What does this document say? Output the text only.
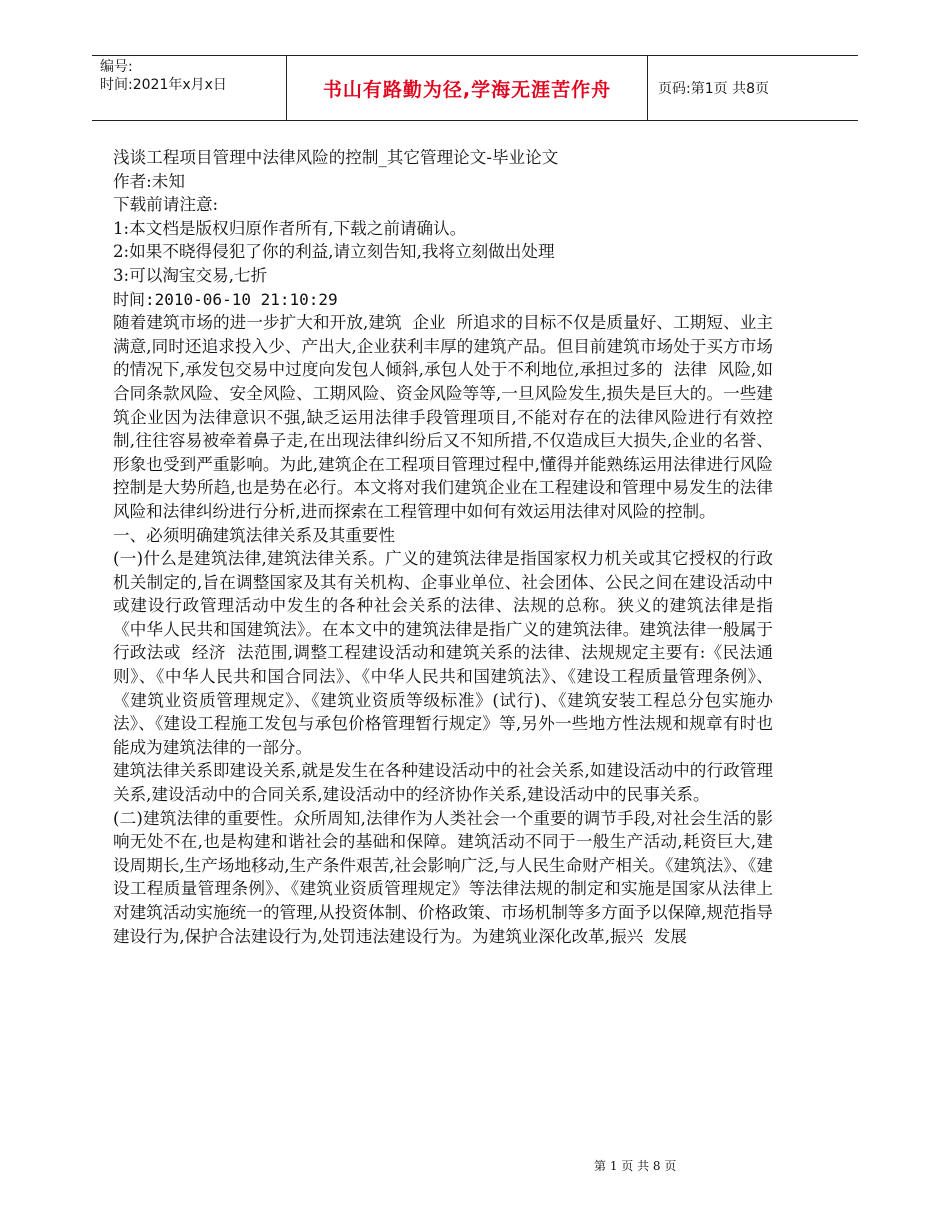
编号:
时间:2021年x月x日	书山有路勤为径,学海无涯苦作舟	页码:第1页 共8页

浅谈工程项目管理中法律风险的控制_其它管理论文-毕业论文

作者:未知

下载前请注意:

1:本文档是版权归原作者所有,下载之前请确认。

2:如果不晓得侵犯了你的利益,请立刻告知,我将立刻做出处理

3:可以淘宝交易,七折

时间:2010-06-10 21:10:29

随着建筑市场的进一步扩大和开放,建筑  企业  所追求的目标不仅是质量好、工期短、业主满意,同时还追求投入少、产出大,企业获利丰厚的建筑产品。但目前建筑市场处于买方市场的情况下,承发包交易中过度向发包人倾斜,承包人处于不利地位,承担过多的  法律  风险,如合同条款风险、安全风险、工期风险、资金风险等等,一旦风险发生,损失是巨大的。一些建筑企业因为法律意识不强,缺乏运用法律手段管理项目,不能对存在的法律风险进行有效控制,往往容易被牵着鼻子走,在出现法律纠纷后又不知所措,不仅造成巨大损失,企业的名誉、形象也受到严重影响。为此,建筑企在工程项目管理过程中,懂得并能熟练运用法律进行风险控制是大势所趋,也是势在必行。本文将对我们建筑企业在工程建设和管理中易发生的法律风险和法律纠纷进行分析,进而探索在工程管理中如何有效运用法律对风险的控制。

一、必须明确建筑法律关系及其重要性

(一)什么是建筑法律,建筑法律关系。广义的建筑法律是指国家权力机关或其它授权的行政机关制定的,旨在调整国家及其有关机构、企事业单位、社会团体、公民之间在建设活动中或建设行政管理活动中发生的各种社会关系的法律、法规的总称。狭义的建筑法律是指《中华人民共和国建筑法》。在本文中的建筑法律是指广义的建筑法律。建筑法律一般属于行政法或  经济  法范围,调整工程建设活动和建筑关系的法律、法规规定主要有:《民法通则》、《中华人民共和国合同法》、《中华人民共和国建筑法》、《建设工程质量管理条例》、《建筑业资质管理规定》、《建筑业资质等级标准》(试行)、《建筑安装工程总分包实施办法》、《建设工程施工发包与承包价格管理暂行规定》等,另外一些地方性法规和规章有时也能成为建筑法律的一部分。

建筑法律关系即建设关系,就是发生在各种建设活动中的社会关系,如建设活动中的行政管理关系,建设活动中的合同关系,建设活动中的经济协作关系,建设活动中的民事关系。

(二)建筑法律的重要性。众所周知,法律作为人类社会一个重要的调节手段,对社会生活的影响无处不在,也是构建和谐社会的基础和保障。建筑活动不同于一般生产活动,耗资巨大,建设周期长,生产场地移动,生产条件艰苦,社会影响广泛,与人民生命财产相关。《建筑法》、《建设工程质量管理条例》、《建筑业资质管理规定》等法律法规的制定和实施是国家从法律上对建筑活动实施统一的管理,从投资体制、价格政策、市场机制等多方面予以保障,规范指导建设行为,保护合法建设行为,处罚违法建设行为。为建筑业深化改革,振兴  发展

第 1 页 共 8 页
